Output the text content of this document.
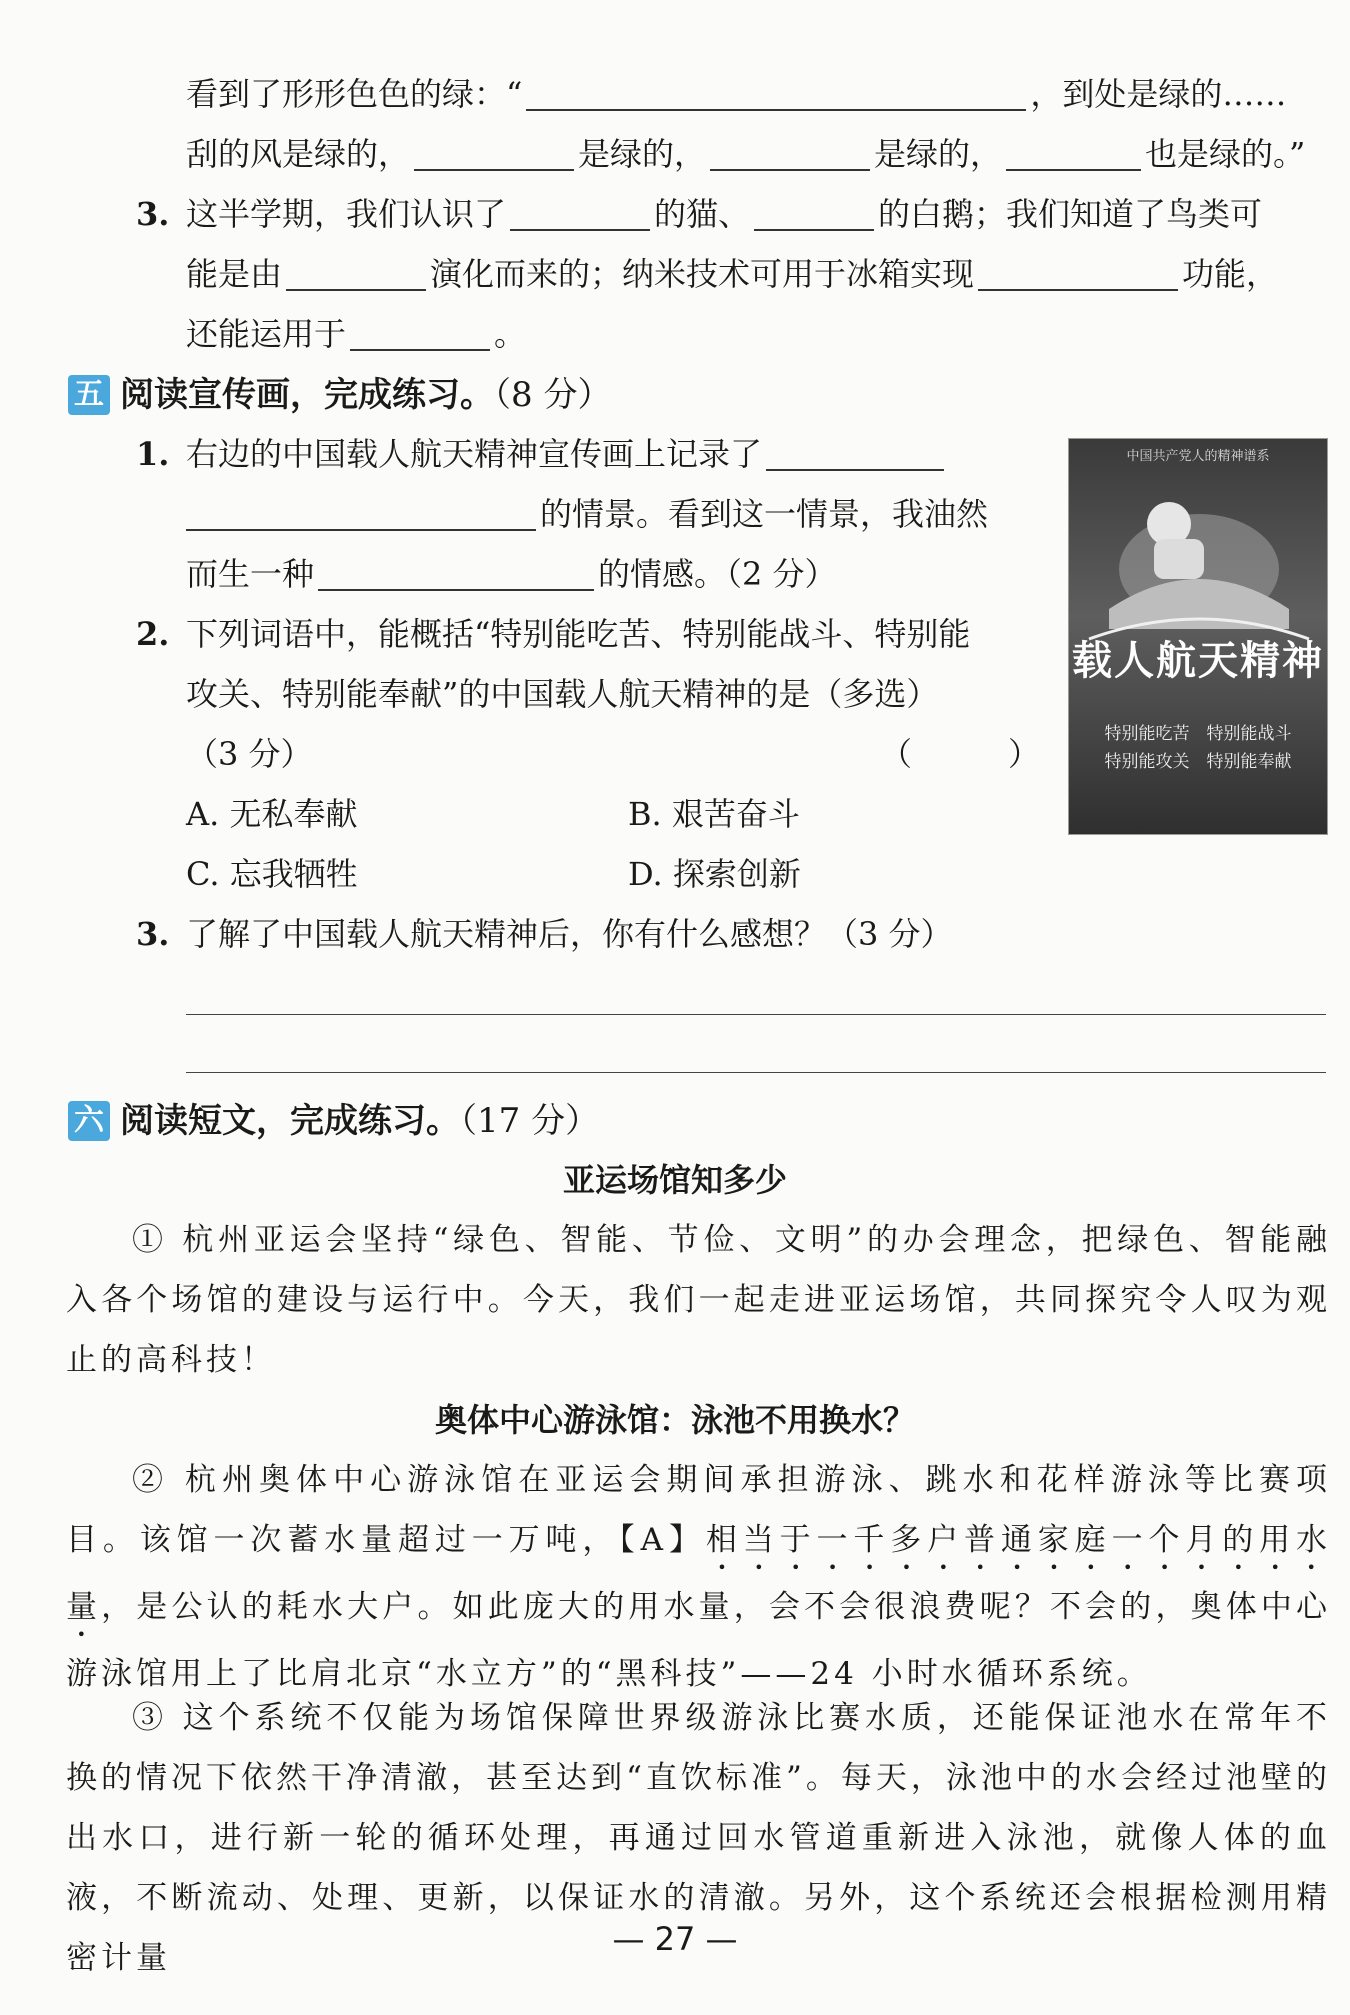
看到了形形色色的绿：“	，到处是绿的……
刮的风是绿的，	是绿的，	是绿的，	也是绿的。”
3. 这半学期，我们认识了	的猫、	的白鹅；我们知道了鸟类可
能是由	演化而来的；纳米技术可用于冰箱实现	功能，
还能运用于	。
五 阅读宣传画，完成练习。（8 分）
1. 右边的中国载人航天精神宣传画上记录了
的情景。看到这一情景，我油然
而生一种	的情感。（2 分）
2. 下列词语中，能概括“特别能吃苦、特别能战斗、特别能
攻关、特别能奉献”的中国载人航天精神的是（多选）
（3 分）	（　　　）
A. 无私奉献	B. 艰苦奋斗
C. 忘我牺牲	D. 探索创新
中国共产党人的精神谱系
载人航天精神
特别能吃苦　特别能战斗
特别能攻关　特别能奉献
3. 了解了中国载人航天精神后，你有什么感想？（3 分）
六 阅读短文，完成练习。（17 分）
亚运场馆知多少
① 杭州亚运会坚持“绿色、智能、节俭、文明”的办会理念，把绿色、智能融入各个场馆的建设与运行中。今天，我们一起走进亚运场馆，共同探究令人叹为观止的高科技！
奥体中心游泳馆：泳池不用换水？
② 杭州奥体中心游泳馆在亚运会期间承担游泳、跳水和花样游泳等比赛项目。该馆一次蓄水量超过一万吨，【A】相当于一千多户普通家庭一个月的用水量，是公认的耗水大户。如此庞大的用水量，会不会很浪费呢？不会的，奥体中心游泳馆用上了比肩北京“水立方”的“黑科技”——24 小时水循环系统。
③ 这个系统不仅能为场馆保障世界级游泳比赛水质，还能保证池水在常年不换的情况下依然干净清澈，甚至达到“直饮标准”。每天，泳池中的水会经过池壁的出水口，进行新一轮的循环处理，再通过回水管道重新进入泳池，就像人体的血液，不断流动、处理、更新，以保证水的清澈。另外，这个系统还会根据检测用精密计量	— 27 —
